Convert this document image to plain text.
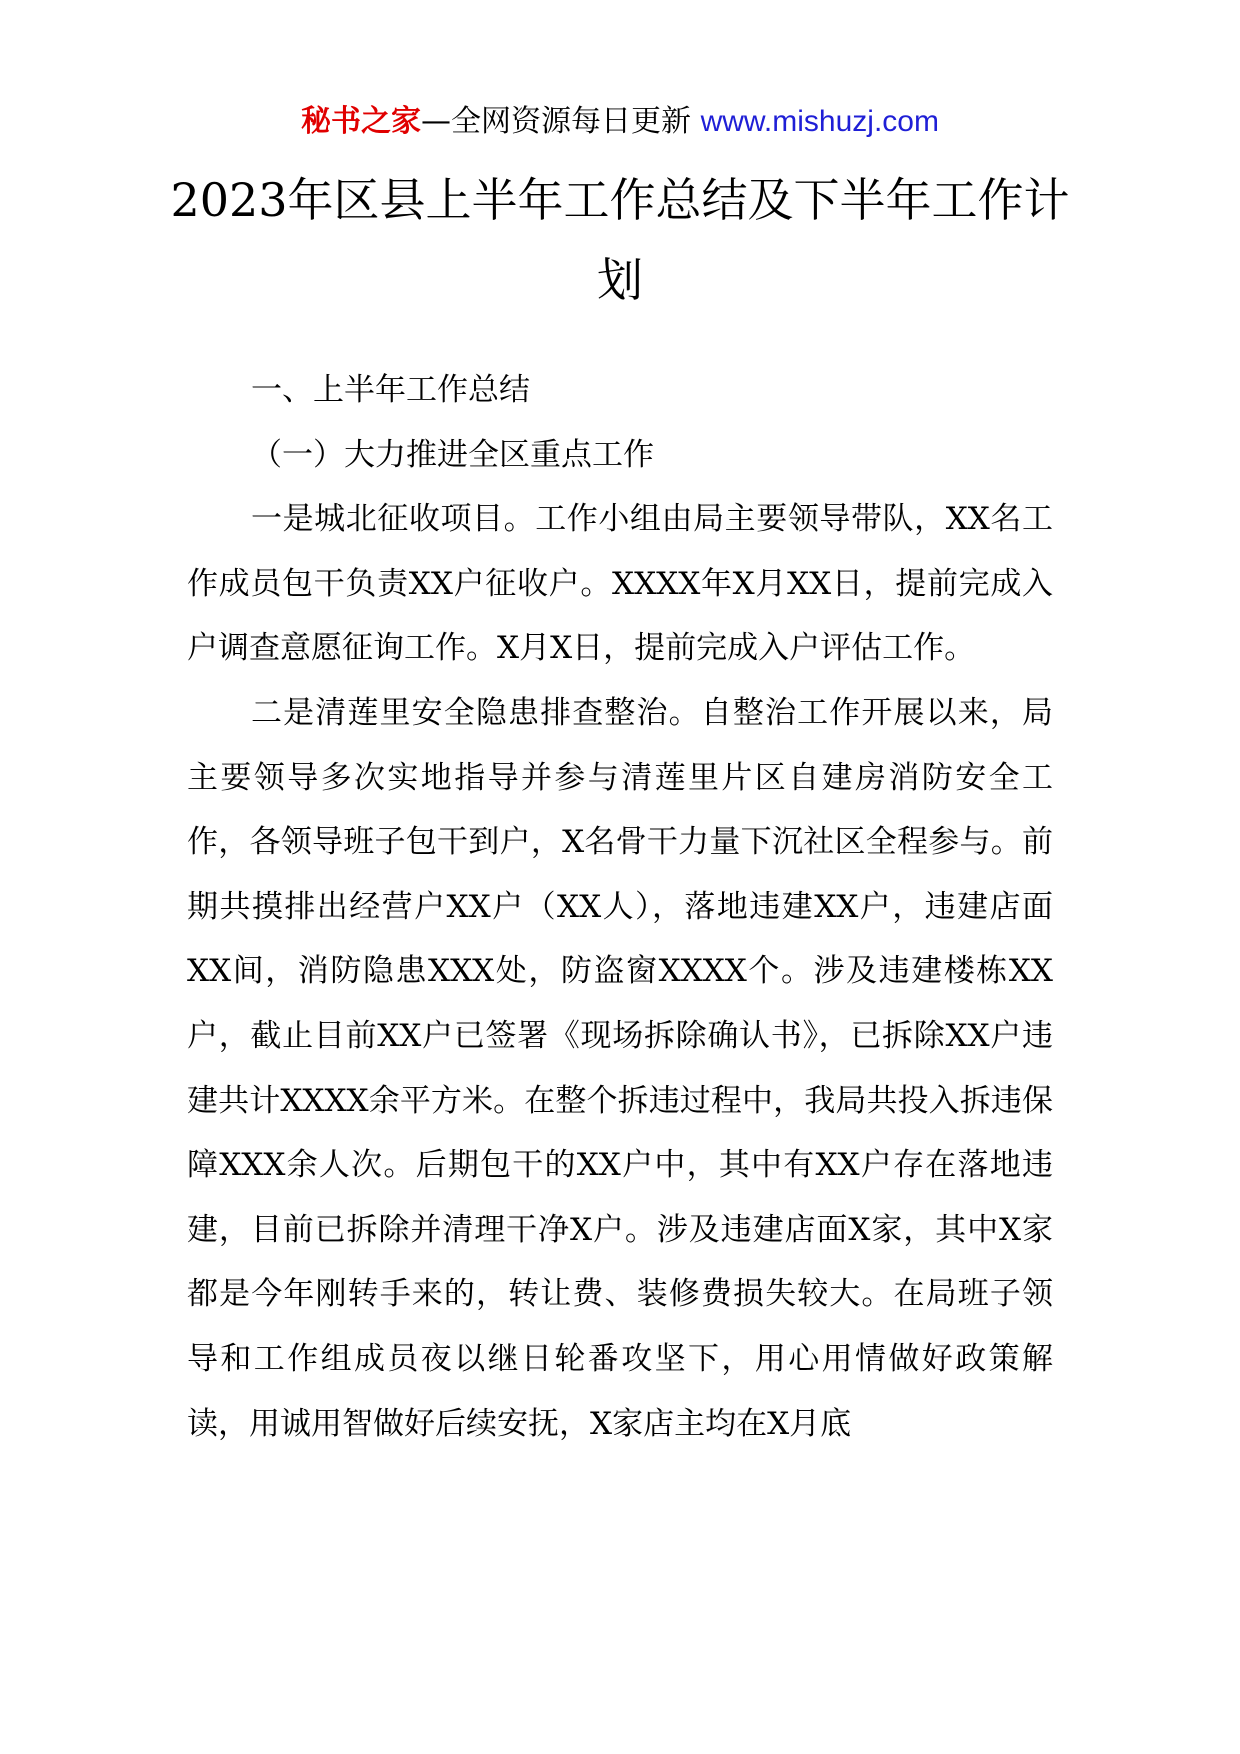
秘书之家—全网资源每日更新 www.mishuzj.com
2023年区县上半年工作总结及下半年工作计划

一、上半年工作总结

（一）大力推进全区重点工作

一是城北征收项目。工作小组由局主要领导带队，XX名工作成员包干负责XX户征收户。XXXX年X月XX日，提前完成入户调查意愿征询工作。X月X日，提前完成入户评估工作。

二是清莲里安全隐患排查整治。自整治工作开展以来，局主要领导多次实地指导并参与清莲里片区自建房消防安全工作，各领导班子包干到户，X名骨干力量下沉社区全程参与。前期共摸排出经营户XX户（XX人），落地违建XX户，违建店面XX间，消防隐患XXX处，防盗窗XXXX个。涉及违建楼栋XX户，截止目前XX户已签署《现场拆除确认书》，已拆除XX户违建共计XXXX余平方米。在整个拆违过程中，我局共投入拆违保障XXX余人次。后期包干的XX户中，其中有XX户存在落地违建，目前已拆除并清理干净X户。涉及违建店面X家，其中X家都是今年刚转手来的，转让费、装修费损失较大。在局班子领导和工作组成员夜以继日轮番攻坚下，用心用情做好政策解读，用诚用智做好后续安抚，X家店主均在X月底
